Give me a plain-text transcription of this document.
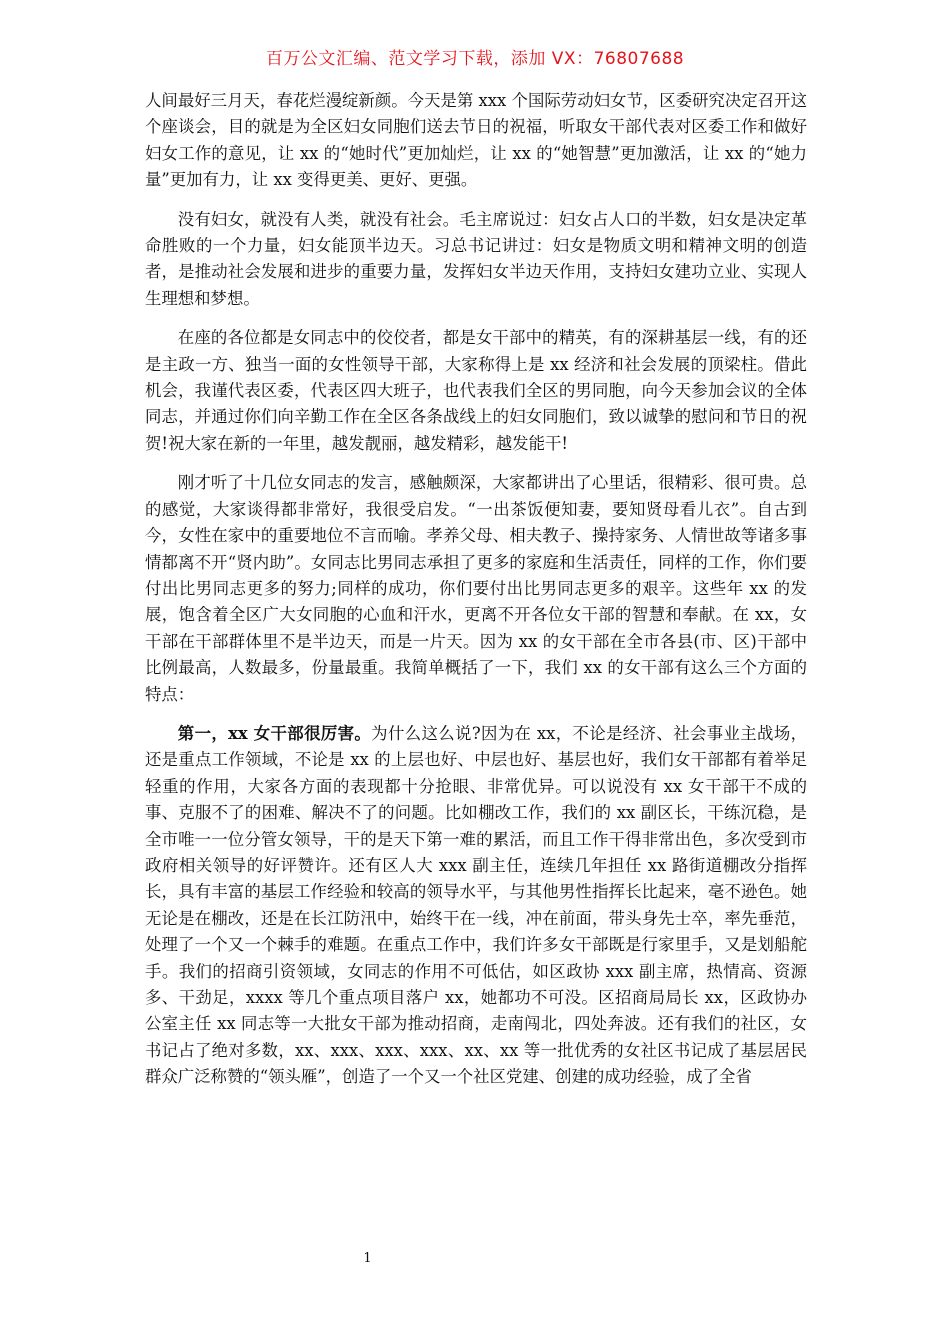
百万公文汇编、范文学习下载，添加 VX：76807688

人间最好三月天，春花烂漫绽新颜。今天是第 xxx 个国际劳动妇女节，区委研究决定召开这个座谈会，目的就是为全区妇女同胞们送去节日的祝福，听取女干部代表对区委工作和做好妇女工作的意见，让 xx 的“她时代”更加灿烂，让 xx 的“她智慧”更加激活，让 xx 的“她力量”更加有力，让 xx 变得更美、更好、更强。

没有妇女，就没有人类，就没有社会。毛主席说过：妇女占人口的半数，妇女是决定革命胜败的一个力量，妇女能顶半边天。习总书记讲过：妇女是物质文明和精神文明的创造者，是推动社会发展和进步的重要力量，发挥妇女半边天作用，支持妇女建功立业、实现人生理想和梦想。

在座的各位都是女同志中的佼佼者，都是女干部中的精英，有的深耕基层一线，有的还是主政一方、独当一面的女性领导干部，大家称得上是 xx 经济和社会发展的顶梁柱。借此机会，我谨代表区委，代表区四大班子，也代表我们全区的男同胞，向今天参加会议的全体同志，并通过你们向辛勤工作在全区各条战线上的妇女同胞们，致以诚挚的慰问和节日的祝贺!祝大家在新的一年里，越发靓丽，越发精彩，越发能干!

刚才听了十几位女同志的发言，感触颇深，大家都讲出了心里话，很精彩、很可贵。总的感觉，大家谈得都非常好，我很受启发。“一出茶饭便知妻，要知贤母看儿衣”。自古到今，女性在家中的重要地位不言而喻。孝养父母、相夫教子、操持家务、人情世故等诸多事情都离不开“贤内助”。女同志比男同志承担了更多的家庭和生活责任，同样的工作，你们要付出比男同志更多的努力;同样的成功，你们要付出比男同志更多的艰辛。这些年 xx 的发展，饱含着全区广大女同胞的心血和汗水，更离不开各位女干部的智慧和奉献。在 xx，女干部在干部群体里不是半边天，而是一片天。因为 xx 的女干部在全市各县(市、区)干部中比例最高，人数最多，份量最重。我简单概括了一下，我们 xx 的女干部有这么三个方面的特点：

第一，xx 女干部很厉害。为什么这么说?因为在 xx，不论是经济、社会事业主战场，还是重点工作领域，不论是 xx 的上层也好、中层也好、基层也好，我们女干部都有着举足轻重的作用，大家各方面的表现都十分抢眼、非常优异。可以说没有 xx 女干部干不成的事、克服不了的困难、解决不了的问题。比如棚改工作，我们的 xx 副区长，干练沉稳，是全市唯一一位分管女领导，干的是天下第一难的累活，而且工作干得非常出色，多次受到市政府相关领导的好评赞许。还有区人大 xxx 副主任，连续几年担任 xx 路街道棚改分指挥长，具有丰富的基层工作经验和较高的领导水平，与其他男性指挥长比起来，毫不逊色。她无论是在棚改，还是在长江防汛中，始终干在一线，冲在前面，带头身先士卒，率先垂范，处理了一个又一个棘手的难题。在重点工作中，我们许多女干部既是行家里手，又是划船舵手。我们的招商引资领域，女同志的作用不可低估，如区政协 xxx 副主席，热情高、资源多、干劲足，xxxx 等几个重点项目落户 xx，她都功不可没。区招商局局长 xx，区政协办公室主任 xx 同志等一大批女干部为推动招商，走南闯北，四处奔波。还有我们的社区，女书记占了绝对多数，xx、xxx、xxx、xxx、xx、xx 等一批优秀的女社区书记成了基层居民群众广泛称赞的“领头雁”，创造了一个又一个社区党建、创建的成功经验，成了全省

1
